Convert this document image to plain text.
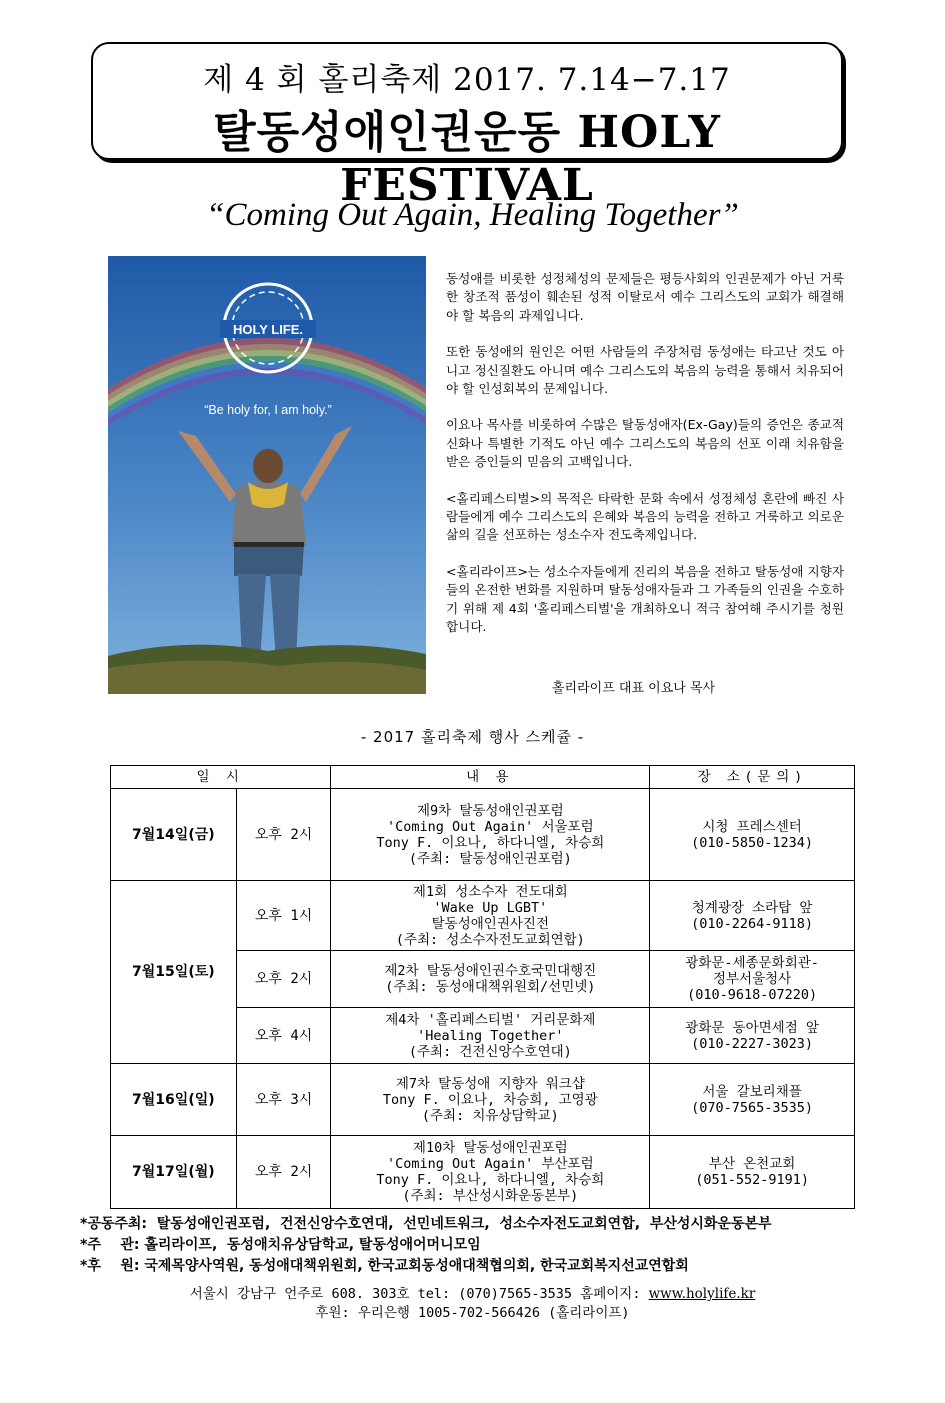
제 4 회 홀리축제 2017. 7.14−7.17
탈동성애인권운동 HOLY FESTIVAL
“Coming Out Again, Healing Together”
HOLY LIFE.
“Be holy for, I am holy.”

동성애를 비롯한 성정체성의 문제들은 평등사회의 인권문제가 아닌 거룩한 창조적 품성이 훼손된 성적 이탈로서 예수 그리스도의 교회가 해결해야 할 복음의 과제입니다.

또한 동성애의 원인은 어떤 사람들의 주장처럼 동성애는 타고난 것도 아니고 정신질환도 아니며 예수 그리스도의 복음의 능력을 통해서 치유되어야 할 인성회복의 문제입니다.

이요나 목사를 비롯하여 수많은 탈동성애자(Ex-Gay)들의 증언은 종교적 신화나 특별한 기적도 아닌 예수 그리스도의 복음의 선포 이래 치유함을 받은 증인들의 믿음의 고백입니다.

<홀리페스티벌>의 목적은 타락한 문화 속에서 성정체성 혼란에 빠진 사람들에게 예수 그리스도의 은혜와 복음의 능력을 전하고 거룩하고 의로운 삶의 길을 선포하는 성소수자 전도축제입니다.

<홀리라이프>는 성소수자들에게 진리의 복음을 전하고 탈동성애 지향자들의 온전한 변화를 지원하며 탈동성애자들과 그 가족들의 인권을 수호하기 위해 제 4회 '홀리페스티벌'을 개최하오니 적극 참여해 주시기를 청원합니다.

홀리라이프 대표 이요나 목사
- 2017 홀리축제 행사 스케쥴 -
일 시		내 용	장 소(문의)
7월14일(금)	오후 2시	제9차 탈동성애인권포럼
'Coming Out Again' 서울포럼
Tony F. 이요나, 하다니엘, 차승희
(주최: 탈동성애인권포럼)	시청 프레스센터
(010-5850-1234)

7월15일(토)	오후 1시	제1회 성소수자 전도대회
'Wake Up LGBT'
탈동성애인권사진전
(주최: 성소수자전도교회연합)	청계광장 소라탑 앞
(010-2264-9118)

	오후 2시	제2차 탈동성애인권수호국민대행진
(주최: 동성애대책위원회/선민넷)	광화문-세종문화회관-
정부서울청사
(010-9618-07220)

	오후 4시	제4차 '홀리페스티벌' 거리문화제
'Healing Together'
(주최: 건전신앙수호연대)	광화문 동아면세점 앞
(010-2227-3023)

7월16일(일)	오후 3시	제7차 탈동성애 지향자 워크샵
Tony F. 이요나, 차승희, 고영광
(주최: 치유상담학교)	서울 갈보리채플
(070-7565-3535)

7월17일(월)	오후 2시	제10차 탈동성애인권포럼
'Coming Out Again' 부산포럼
Tony F. 이요나, 하다니엘, 차승희
(주최: 부산성시화운동본부)	부산 온천교회
(051-552-9191)
*공동주최:  탈동성애인권포럼,  건전신앙수호연대,  선민네트워크,  성소수자전도교회연합,  부산성시화운동본부
*주    관: 홀리라이프,  동성애치유상담학교, 탈동성애어머니모임
*후    원: 국제목양사역원, 동성애대책위원회, 한국교회동성애대책협의회, 한국교회복지선교연합회
서울시 강남구 언주로 608. 303호 tel: (070)7565-3535 홈페이지: www.holylife.kr
후원: 우리은행 1005-702-566426 (홀리라이프)
